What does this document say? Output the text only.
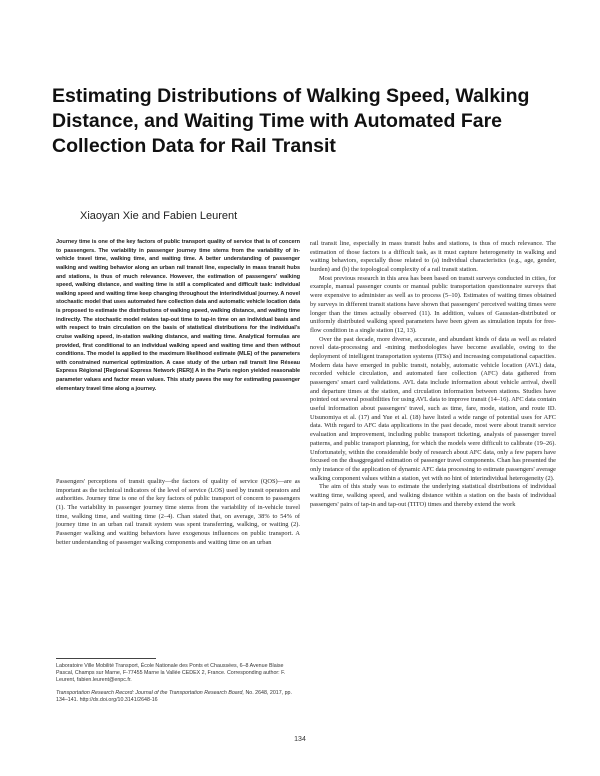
Estimating Distributions of Walking Speed, Walking Distance, and Waiting Time with Automated Fare Collection Data for Rail Transit
Xiaoyan Xie and Fabien Leurent

Journey time is one of the key factors of public transport quality of service that is of concern to passengers. The variability in passenger journey time stems from the variability of in-vehicle travel time, walking time, and waiting time. A better understanding of passenger walking and waiting behavior along an urban rail transit line, especially in mass transit hubs and stations, is thus of much relevance. However, the estimation of passengers' walking speed, walking distance, and waiting time is still a complicated and difficult task: individual walking speed and waiting time keep changing throughout the interindividual journey. A novel stochastic model that uses automated fare collection data and automatic vehicle location data is proposed to estimate the distributions of walking speed, walking distance, and waiting time indirectly. The stochastic model relates tap-out time to tap-in time on an individual basis and with respect to train circulation on the basis of statistical distributions for the individual's cruise walking speed, in-station walking distance, and waiting time. Analytical formulas are provided, first conditional to an individual walking speed and waiting time and then without conditions. The model is applied to the maximum likelihood estimate (MLE) of the parameters with constrained numerical optimization. A case study of the urban rail transit line Réseau Express Régional [Regional Express Network (RER)] A in the Paris region yielded reasonable parameter values and factor mean values. This study paves the way for estimating passenger elementary travel time along a journey.

Passengers' perceptions of transit quality—the factors of quality of service (QOS)—are as important as the technical indicators of the level of service (LOS) used by transit operators and authorities. Journey time is one of the key factors of public transport of concern to passengers (1). The variability in passenger journey time stems from the variability of in-vehicle travel time, walking time, and waiting time (2–4). Chan stated that, on average, 38% to 54% of journey time in an urban rail transit system was spent transferring, walking, or waiting (2). Passenger walking and waiting behaviors have exogenous influences on public transport. A better understanding of passenger walking components and waiting time on an urban

rail transit line, especially in mass transit hubs and stations, is thus of much relevance. The estimation of those factors is a difficult task, as it must capture heterogeneity in walking and waiting behaviors, especially those related to (a) individual characteristics (e.g., age, gender, burden) and (b) the topological complexity of a rail transit station.

Most previous research in this area has been based on transit surveys conducted in cities, for example, manual passenger counts or manual public transportation questionnaire surveys that were expensive to administer as well as to process (5–10). Estimates of waiting times obtained by surveys in different transit stations have shown that passengers' perceived waiting times were longer than the times actually observed (11). In addition, values of Gaussian-distributed or uniformly distributed walking speed parameters have been given as simulation inputs for free-flow condition in a single station (12, 13).

Over the past decade, more diverse, accurate, and abundant kinds of data as well as related novel data-processing and -mining methodologies have become available, owing to the deployment of intelligent transportation systems (ITSs) and increasing computational capacities. Modern data have emerged in public transit, notably, automatic vehicle location (AVL) data, recorded vehicle circulation, and automated fare collection (AFC) data gathered from passengers' smart card validations. AVL data include information about vehicle arrival, dwell and departure times at the station, and circulation information between stations. Studies have pointed out several possibilities for using AVL data to improve transit (14–16). AFC data contain useful information about passengers' travel, such as time, fare, mode, station, and route ID. Utsunomiya et al. (17) and Yue et al. (18) have listed a wide range of potential uses for AFC data. With regard to AFC data applications in the past decade, most were about transit service evaluation and improvement, including public transport ticketing, analysis of passenger travel patterns, and public transport planning, for which the models were difficult to calibrate (19–26). Unfortunately, within the considerable body of research about AFC data, only a few papers have focused on the disaggregated estimation of passenger travel components. Chan has presented the only instance of the application of dynamic AFC data processing to estimate passengers' average walking component values within a station, yet with no hint of interindividual heterogeneity (2).

The aim of this study was to estimate the underlying statistical distributions of individual waiting time, walking speed, and walking distance within a station on the basis of individual passengers' pairs of tap-in and tap-out (TITO) times and thereby extend the work

Laboratoire Ville Mobilité Transport, École Nationale des Ponts et Chaussées, 6–8 Avenue Blaise Pascal, Champs sur Marne, F-77455 Marne la Vallée CEDEX 2, France. Corresponding author: F. Leurent, fabien.leurent@enpc.fr.
Transportation Research Record: Journal of the Transportation Research Board, No. 2648, 2017, pp. 134–141. http://dx.doi.org/10.3141/2648-16
134
